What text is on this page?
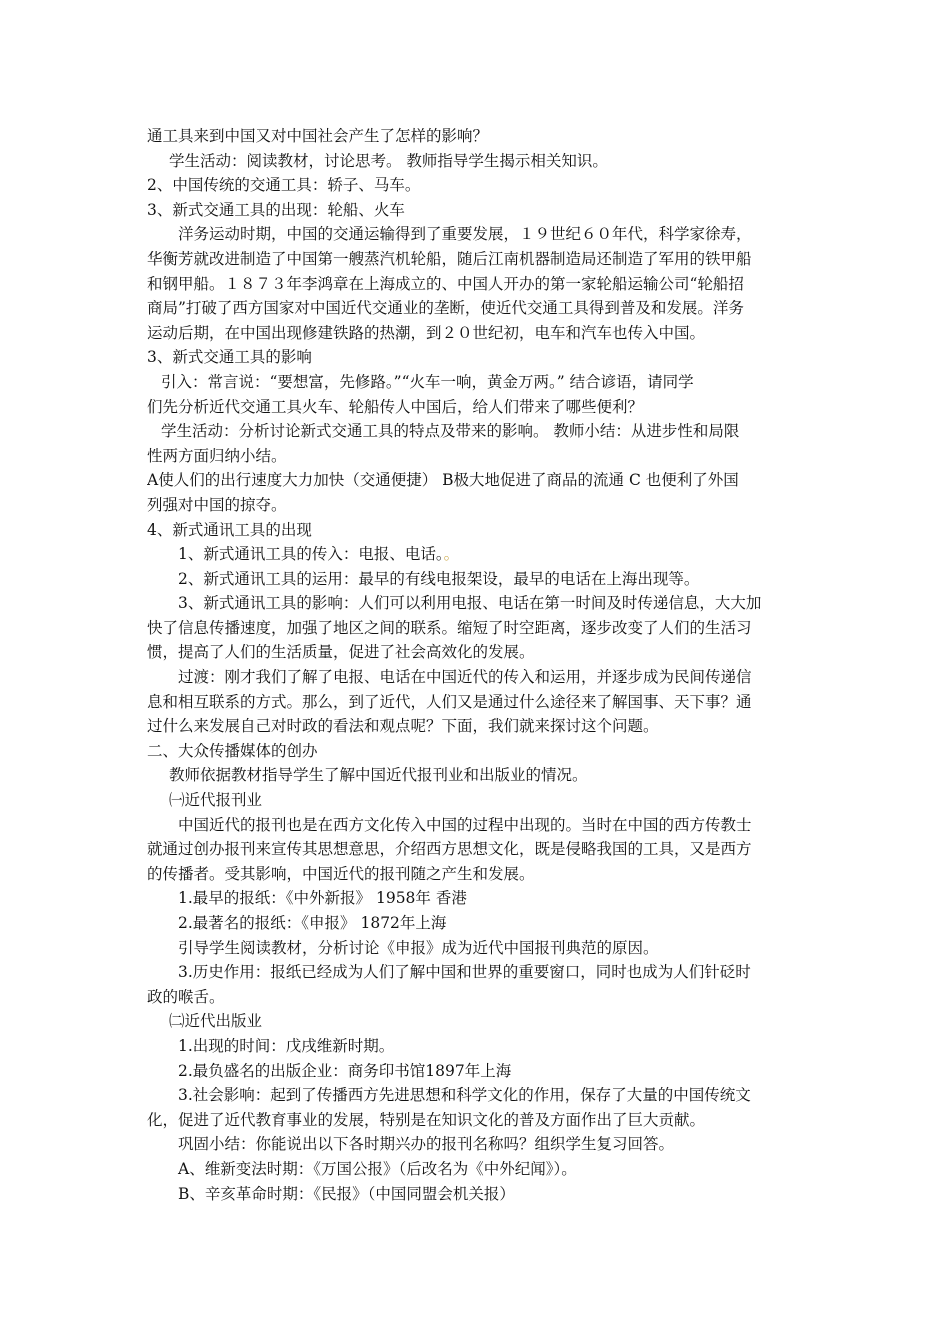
通工具来到中国又对中国社会产生了怎样的影响？
学生活动：阅读教材，讨论思考。 教师指导学生揭示相关知识。
2、中国传统的交通工具：轿子、马车。
3、新式交通工具的出现：轮船、火车
洋务运动时期，中国的交通运输得到了重要发展，１９世纪６０年代，科学家徐寿，
华衡芳就改进制造了中国第一艘蒸汽机轮船，随后江南机器制造局还制造了军用的铁甲船
和钢甲船。１８７３年李鸿章在上海成立的、中国人开办的第一家轮船运输公司“轮船招
商局”打破了西方国家对中国近代交通业的垄断，使近代交通工具得到普及和发展。洋务
运动后期，在中国出现修建铁路的热潮，到２０世纪初，电车和汽车也传入中国。
3、新式交通工具的影响
引入：常言说：“要想富，先修路。”“火车一响，黄金万两。” 结合谚语，请同学
们先分析近代交通工具火车、轮船传人中国后，给人们带来了哪些便利？
学生活动：分析讨论新式交通工具的特点及带来的影响。 教师小结：从进步性和局限
性两方面归纳小结。
A使人们的出行速度大力加快（交通便捷） B极大地促进了商品的流通 C 也便利了外国
列强对中国的掠夺。
4、新式通讯工具的出现
1、新式通讯工具的传入：电报、电话。。
2、新式通讯工具的运用：最早的有线电报架设，最早的电话在上海出现等。
3、新式通讯工具的影响：人们可以利用电报、电话在第一时间及时传递信息，大大加
快了信息传播速度，加强了地区之间的联系。缩短了时空距离，逐步改变了人们的生活习
惯，提高了人们的生活质量，促进了社会高效化的发展。
过渡：刚才我们了解了电报、电话在中国近代的传入和运用，并逐步成为民间传递信
息和相互联系的方式。那么，到了近代，人们又是通过什么途径来了解国事、天下事？通
过什么来发展自己对时政的看法和观点呢？下面，我们就来探讨这个问题。
二、大众传播媒体的创办
教师依据教材指导学生了解中国近代报刊业和出版业的情况。
㈠近代报刊业
中国近代的报刊也是在西方文化传入中国的过程中出现的。当时在中国的西方传教士
就通过创办报刊来宣传其思想意思，介绍西方思想文化，既是侵略我国的工具，又是西方
的传播者。受其影响，中国近代的报刊随之产生和发展。
1.最早的报纸：《中外新报》 1958年 香港
2.最著名的报纸：《申报》 1872年上海
引导学生阅读教材，分析讨论《申报》成为近代中国报刊典范的原因。
3.历史作用：报纸已经成为人们了解中国和世界的重要窗口，同时也成为人们针砭时
政的喉舌。
㈡近代出版业
1.出现的时间：戊戌维新时期。
2.最负盛名的出版企业：商务印书馆1897年上海
3.社会影响：起到了传播西方先进思想和科学文化的作用，保存了大量的中国传统文
化，促进了近代教育事业的发展，特别是在知识文化的普及方面作出了巨大贡献。
巩固小结：你能说出以下各时期兴办的报刊名称吗？组织学生复习回答。
A、维新变法时期：《万国公报》（后改名为《中外纪闻》）。
B、辛亥革命时期：《民报》（中国同盟会机关报）
